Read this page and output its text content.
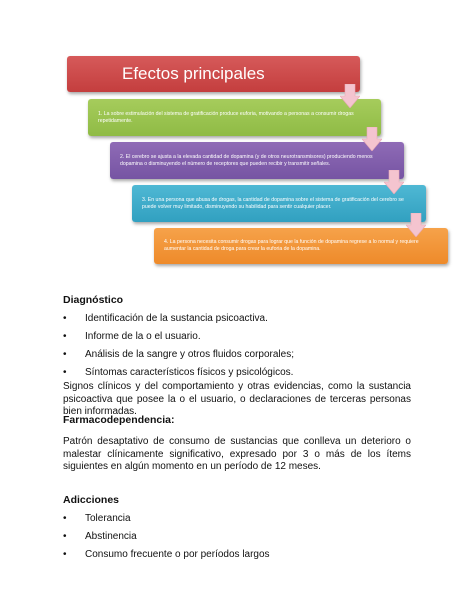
Efectos principales
1. La sobre estimulación del sistema de gratificación produce euforia, motivando a personas a consumir drogas repetidamente.
2. El cerebro se ajusta a la elevada cantidad de dopamina (y de otros neurotransmisores) produciendo menos dopamina o disminuyendo el número de receptores que pueden recibir y transmitir señales.
3. En una persona que abusa de drogas, la cantidad de dopamina sobre el sistema de gratificación del cerebro se puede volver muy limitado, disminuyendo su habilidad para sentir cualquier placer.
4. La persona necesita consumir drogas para lograr que la función de dopamina regrese a lo normal y requiere aumentar la cantidad de droga para crear la euforia de la dopamina.
Diagnóstico
• Identificación de la sustancia psicoactiva.
• Informe de la o el usuario.
• Análisis de la sangre y otros fluidos corporales;
• Síntomas característicos físicos y psicológicos.
Signos clínicos y del comportamiento y otras evidencias, como la sustancia psicoactiva que posee la o el usuario, o declaraciones de terceras personas bien informadas.
Farmacodependencia:
Patrón desaptativo de consumo de sustancias que conlleva un deterioro o malestar clínicamente significativo, expresado por 3 o más de los ítems siguientes en algún momento en un período de 12 meses.
Adicciones
• Tolerancia
• Abstinencia
• Consumo frecuente o por períodos largos
